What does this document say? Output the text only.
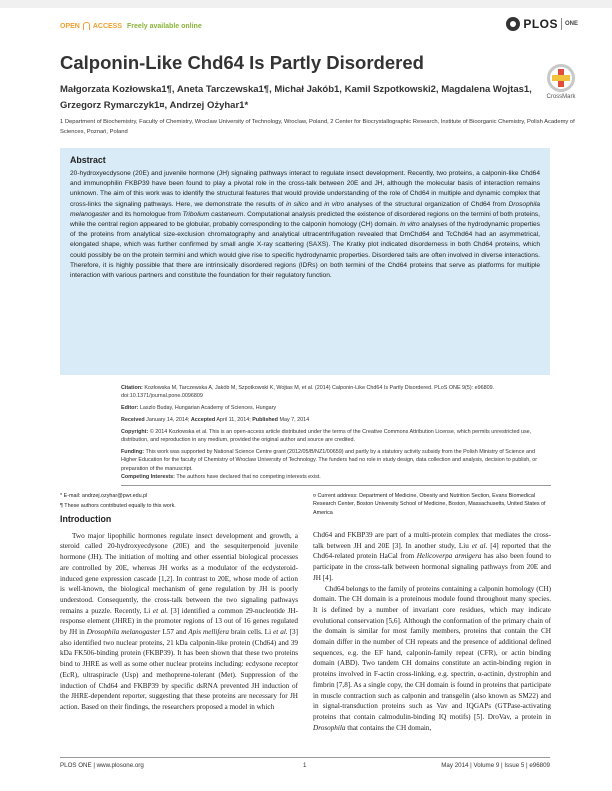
OPEN ACCESS Freely available online	PLOS ONE
Calponin-Like Chd64 Is Partly Disordered
Małgorzata Kozłowska1¶, Aneta Tarczewska1¶, Michał Jakób1, Kamil Szpotkowski2, Magdalena Wojtas1,
Grzegorz Rymarczyk1¤, Andrzej Ożyhar1*
CrossMark
1 Department of Biochemistry, Faculty of Chemistry, Wroclaw University of Technology, Wroclaw, Poland, 2 Center for Biocrystallographic Research, Institute of Bioorganic Chemistry, Polish Academy of Sciences, Poznań, Poland
Abstract
20-hydroxyecdysone (20E) and juvenile hormone (JH) signaling pathways interact to regulate insect development. Recently, two proteins, a calponin-like Chd64 and immunophilin FKBP39 have been found to play a pivotal role in the cross-talk between 20E and JH, although the molecular basis of interaction remains unknown. The aim of this work was to identify the structural features that would provide understanding of the role of Chd64 in multiple and dynamic complex that cross-links the signaling pathways. Here, we demonstrate the results of in silico and in vitro analyses of the structural organization of Chd64 from Drosophila melanogaster and its homologue from Tribolium castaneum. Computational analysis predicted the existence of disordered regions on the termini of both proteins, while the central region appeared to be globular, probably corresponding to the calponin homology (CH) domain. In vitro analyses of the hydrodynamic properties of the proteins from analytical size-exclusion chromatography and analytical ultracentrifugation revealed that DmChd64 and TcChd64 had an asymmetrical, elongated shape, which was further confirmed by small angle X-ray scattering (SAXS). The Kratky plot indicated disorderness in both Chd64 proteins, which could possibly be on the protein termini and which would give rise to specific hydrodynamic properties. Disordered tails are often involved in diverse interactions. Therefore, it is highly possible that there are intrinsically disordered regions (IDRs) on both termini of the Chd64 proteins that serve as platforms for multiple interaction with various partners and constitute the foundation for their regulatory function.
Citation: Kozłowska M, Tarczewska A, Jakób M, Szpotkowski K, Wojtas M, et al. (2014) Calponin-Like Chd64 Is Partly Disordered. PLoS ONE 9(5): e96809. doi:10.1371/journal.pone.0096809
Editor: Laszlo Buday, Hungarian Academy of Sciences, Hungary
Received January 14, 2014; Accepted April 11, 2014; Published May 7, 2014
Copyright: © 2014 Kozłowska et al. This is an open-access article distributed under the terms of the Creative Commons Attribution License, which permits unrestricted use, distribution, and reproduction in any medium, provided the original author and source are credited.
Funding: This work was supported by National Science Centre grant (2012/05/B/NZ1/00659) and partly by a statutory activity subsidy from the Polish Ministry of Science and Higher Education for the faculty of Chemistry of Wroclaw University of Technology. The funders had no role in study design, data collection and analysis, decision to publish, or preparation of the manuscript.
Competing Interests: The authors have declared that no competing interests exist.
* E-mail: andrzej.ozyhar@pwr.edu.pl
¶ These authors contributed equally to this work.
¤ Current address: Department of Medicine, Obesity and Nutrition Section, Evans Biomedical Research Center, Boston University School of Medicine, Boston, Massachusetts, United States of America
Introduction

Two major lipophilic hormones regulate insect development and growth, a steroid called 20-hydroxyecdysone (20E) and the sesquiterpenoid juvenile hormone (JH). The initiation of molting and other essential biological processes are controlled by 20E, whereas JH works as a modulator of the ecdysteroid-induced gene expression cascade [1,2]. In contrast to 20E, whose mode of action is well-known, the biological mechanism of gene regulation by JH is poorly understood. Consequently, the cross-talk between the two signaling pathways remains a puzzle. Recently, Li et al. [3] identified a common 29-nucleotide JH-response element (JHRE) in the promoter regions of 13 out of 16 genes regulated by JH in Drosophila melanogaster L57 and Apis mellifera brain cells. Li et al. [3] also identified two nuclear proteins, 21 kDa calponin-like protein (Chd64) and 39 kDa FK506-binding protein (FKBP39). It has been shown that these two proteins bind to JHRE as well as some other nuclear proteins including: ecdysone receptor (EcR), ultraspiracle (Usp) and methoprene-tolerant (Met). Suppression of the induction of Chd64 and FKBP39 by specific dsRNA prevented JH induction of the JHRE-dependent reporter, suggesting that these proteins are necessary for JH action. Based on their findings, the researchers proposed a model in which

Chd64 and FKBP39 are part of a multi-protein complex that mediates the cross-talk between JH and 20E [3]. In another study, Liu et al. [4] reported that the Chd64-related protein HaCal from Helicoverpa armigera has also been found to participate in the cross-talk between hormonal signaling pathways from 20E and JH [4].

Chd64 belongs to the family of proteins containing a calponin homology (CH) domain. The CH domain is a proteinous module found throughout many species. It is defined by a number of invariant core residues, which may indicate evolutional conservation [5,6]. Although the conformation of the primary chain of the domain is similar for most family members, proteins that contain the CH domain differ in the number of CH repeats and the presence of additional defined sequences, e.g. the EF hand, calponin-family repeat (CFR), or actin binding domain (ABD). Two tandem CH domains constitute an actin-binding region in proteins involved in F-actin cross-linking, e.g. spectrin, α-actinin, dystrophin and fimbrin [7,8]. As a single copy, the CH domain is found in proteins that participate in muscle contraction such as calponin and transgelin (also known as SM22) and in signal-transduction proteins such as Vav and IQGAPs (GTPase-activating proteins that contain calmodulin-binding IQ motifs) [5]. DroVav, a protein in Drosophila that contains the CH domain,

PLOS ONE | www.plosone.org	1	May 2014 | Volume 9 | Issue 5 | e96809
